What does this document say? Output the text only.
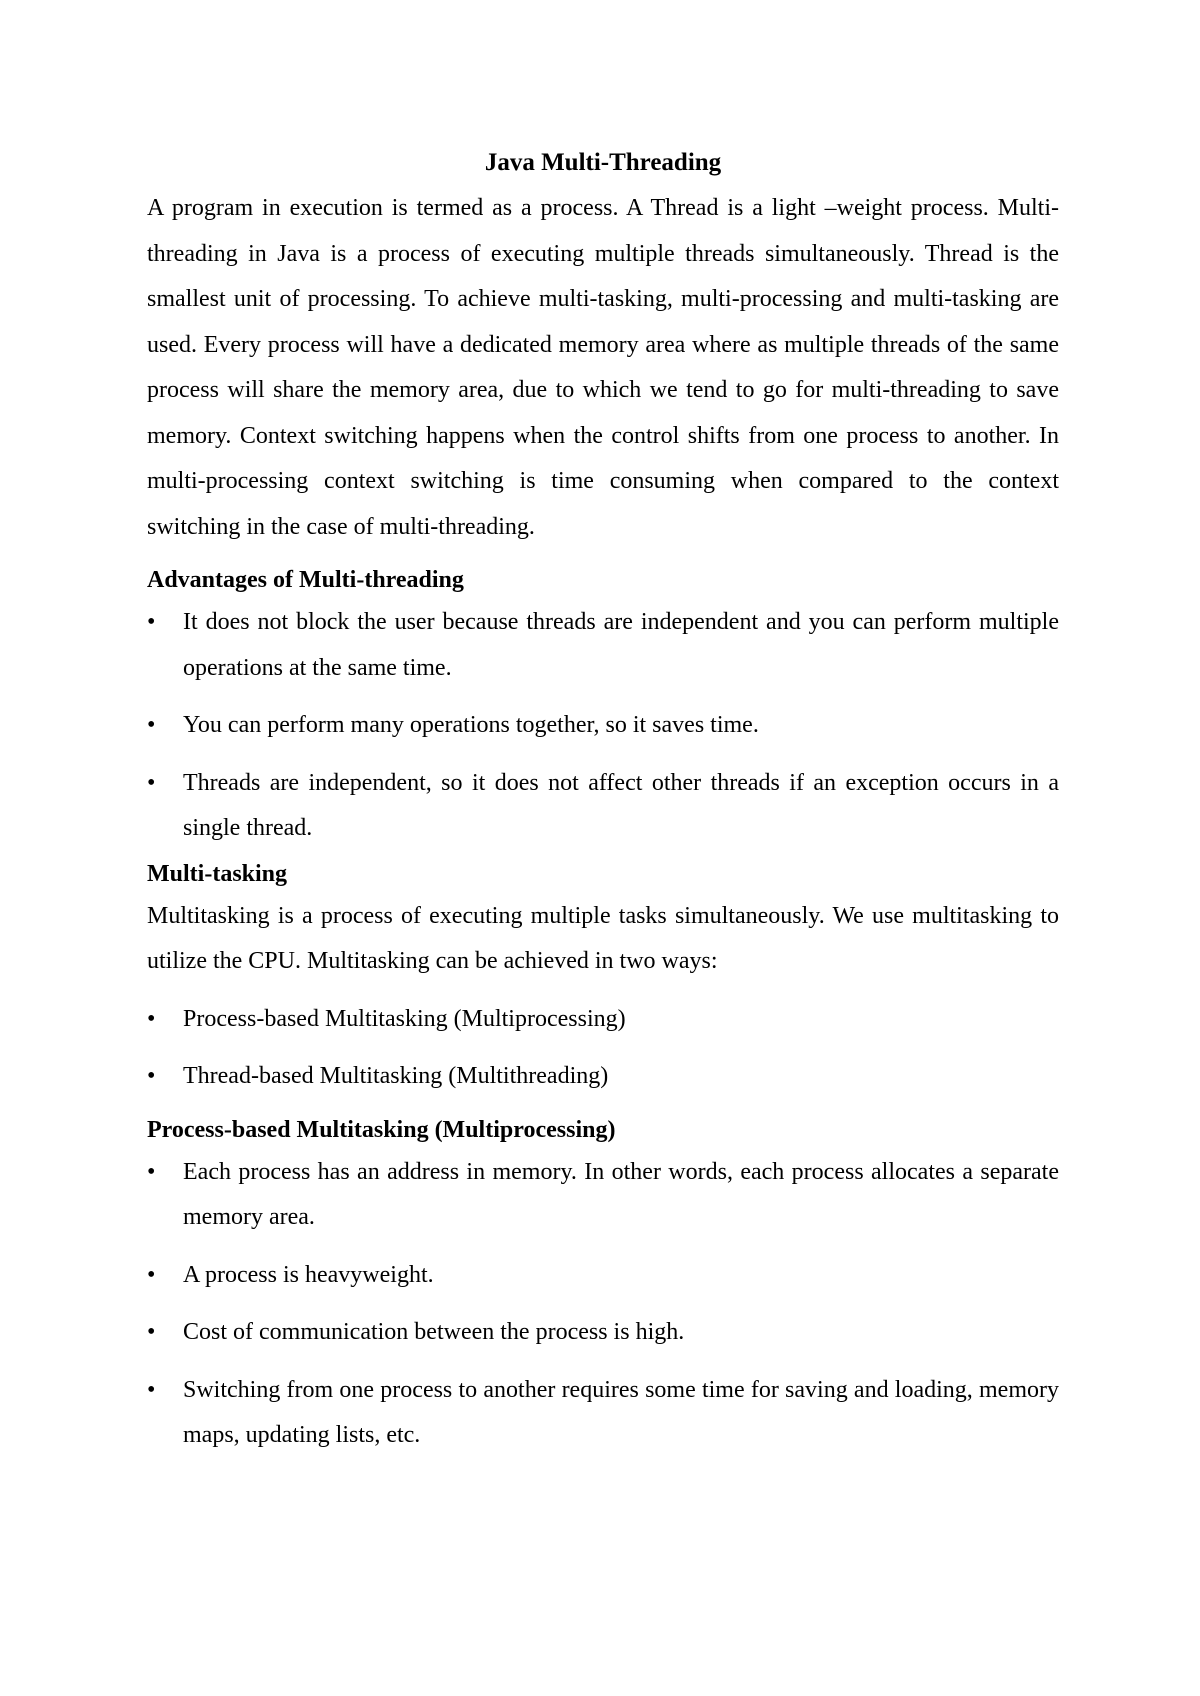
Java Multi-Threading

A program in execution is termed as a process. A Thread is a light –weight process. Multi-threading in Java is a process of executing multiple threads simultaneously. Thread is the smallest unit of processing. To achieve multi-tasking, multi-processing and multi-tasking are used. Every process will have a dedicated memory area where as multiple threads of the same process will share the memory area, due to which we tend to go for multi-threading to save memory. Context switching happens when the control shifts from one process to another. In multi-processing context switching is time consuming when compared to the context switching in the case of multi-threading.

Advantages of Multi-threading
•	It does not block the user because threads are independent and you can perform multiple operations at the same time.
•	You can perform many operations together, so it saves time.
•	Threads are independent, so it does not affect other threads if an exception occurs in a single thread.
Multi-tasking

Multitasking is a process of executing multiple tasks simultaneously. We use multitasking to utilize the CPU. Multitasking can be achieved in two ways:

•	Process-based Multitasking (Multiprocessing)
•	Thread-based Multitasking (Multithreading)
Process-based Multitasking (Multiprocessing)
•	Each process has an address in memory. In other words, each process allocates a separate memory area.
•	A process is heavyweight.
•	Cost of communication between the process is high.
•	Switching from one process to another requires some time for saving and loading, memory maps, updating lists, etc.
